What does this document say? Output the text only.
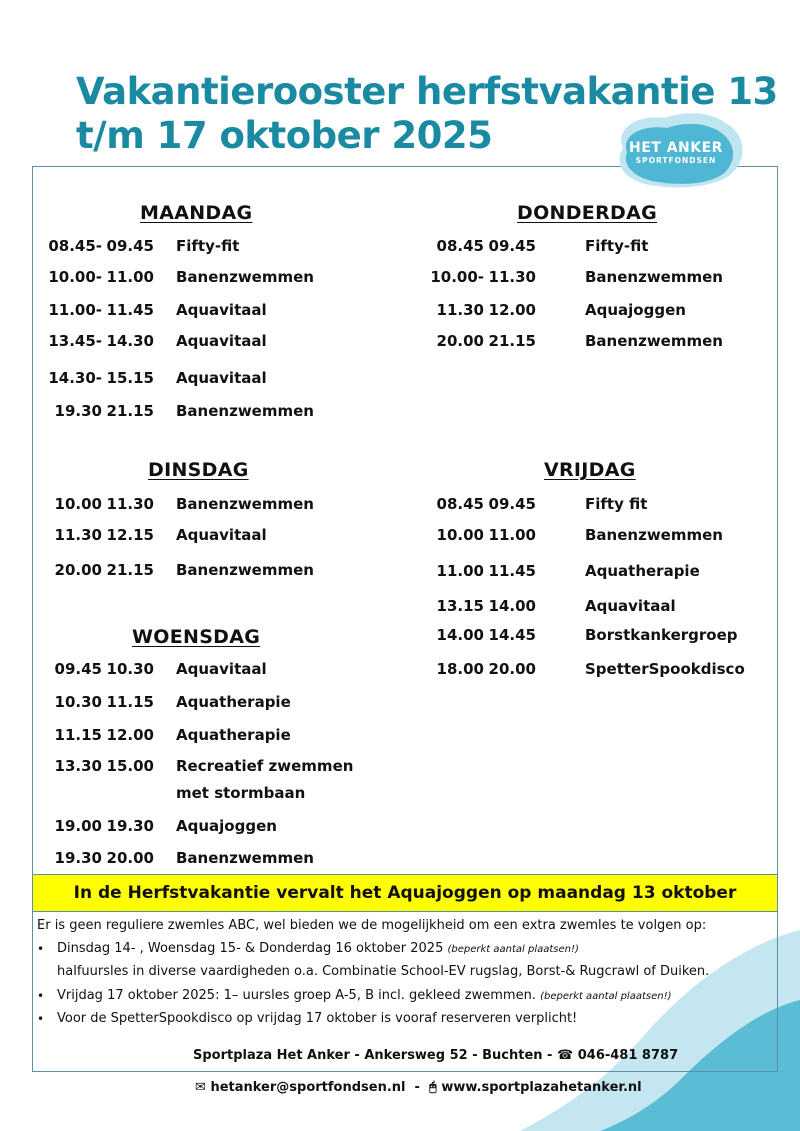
Vakantierooster herfstvakantie 13
t/m 17 oktober 2025	HET ANKER
SPORTFONDSEN
MAANDAG
08.45- 09.45 Fifty-fit
10.00- 11.00 Banenzwemmen
11.00- 11.45 Aquavitaal
13.45- 14.30 Aquavitaal
14.30- 15.15 Aquavitaal
19.30 21.15 Banenzwemmen
DINSDAG
10.00 11.30 Banenzwemmen
11.30 12.15 Aquavitaal
20.00 21.15 Banenzwemmen
WOENSDAG
09.45 10.30 Aquavitaal
10.30 11.15 Aquatherapie
11.15 12.00 Aquatherapie
13.30 15.00 Recreatief zwemmen
met stormbaan
19.00 19.30 Aquajoggen
19.30 20.00 Banenzwemmen
DONDERDAG
08.45 09.45	Fifty-fit
10.00- 11.30	Banenzwemmen
11.30 12.00	Aquajoggen
20.00 21.15	Banenzwemmen
VRIJDAG
08.45 09.45	Fifty fit
10.00 11.00	Banenzwemmen
11.00 11.45	Aquatherapie
13.15 14.00	Aquavitaal
14.00 14.45	Borstkankergroep
18.00 20.00	SpetterSpookdisco
In de Herfstvakantie vervalt het Aquajoggen op maandag 13 oktober
Er is geen reguliere zwemles ABC, wel bieden we de mogelijkheid om een extra zwemles te volgen op:
• Dinsdag 14- , Woensdag 15- & Donderdag 16 oktober 2025 (beperkt aantal plaatsen!)
halfuursles in diverse vaardigheden o.a. Combinatie School-EV rugslag, Borst-& Rugcrawl of Duiken.
• Vrijdag 17 oktober 2025: 1– uursles groep A-5, B incl. gekleed zwemmen. (beperkt aantal plaatsen!)
• Voor de SpetterSpookdisco op vrijdag 17 oktober is vooraf reserveren verplicht!
Sportplaza Het Anker - Ankersweg 52 - Buchten - ☎ 046-481 8787
✉ hetanker@sportfondsen.nl - 🖰 www.sportplazahetanker.nl
